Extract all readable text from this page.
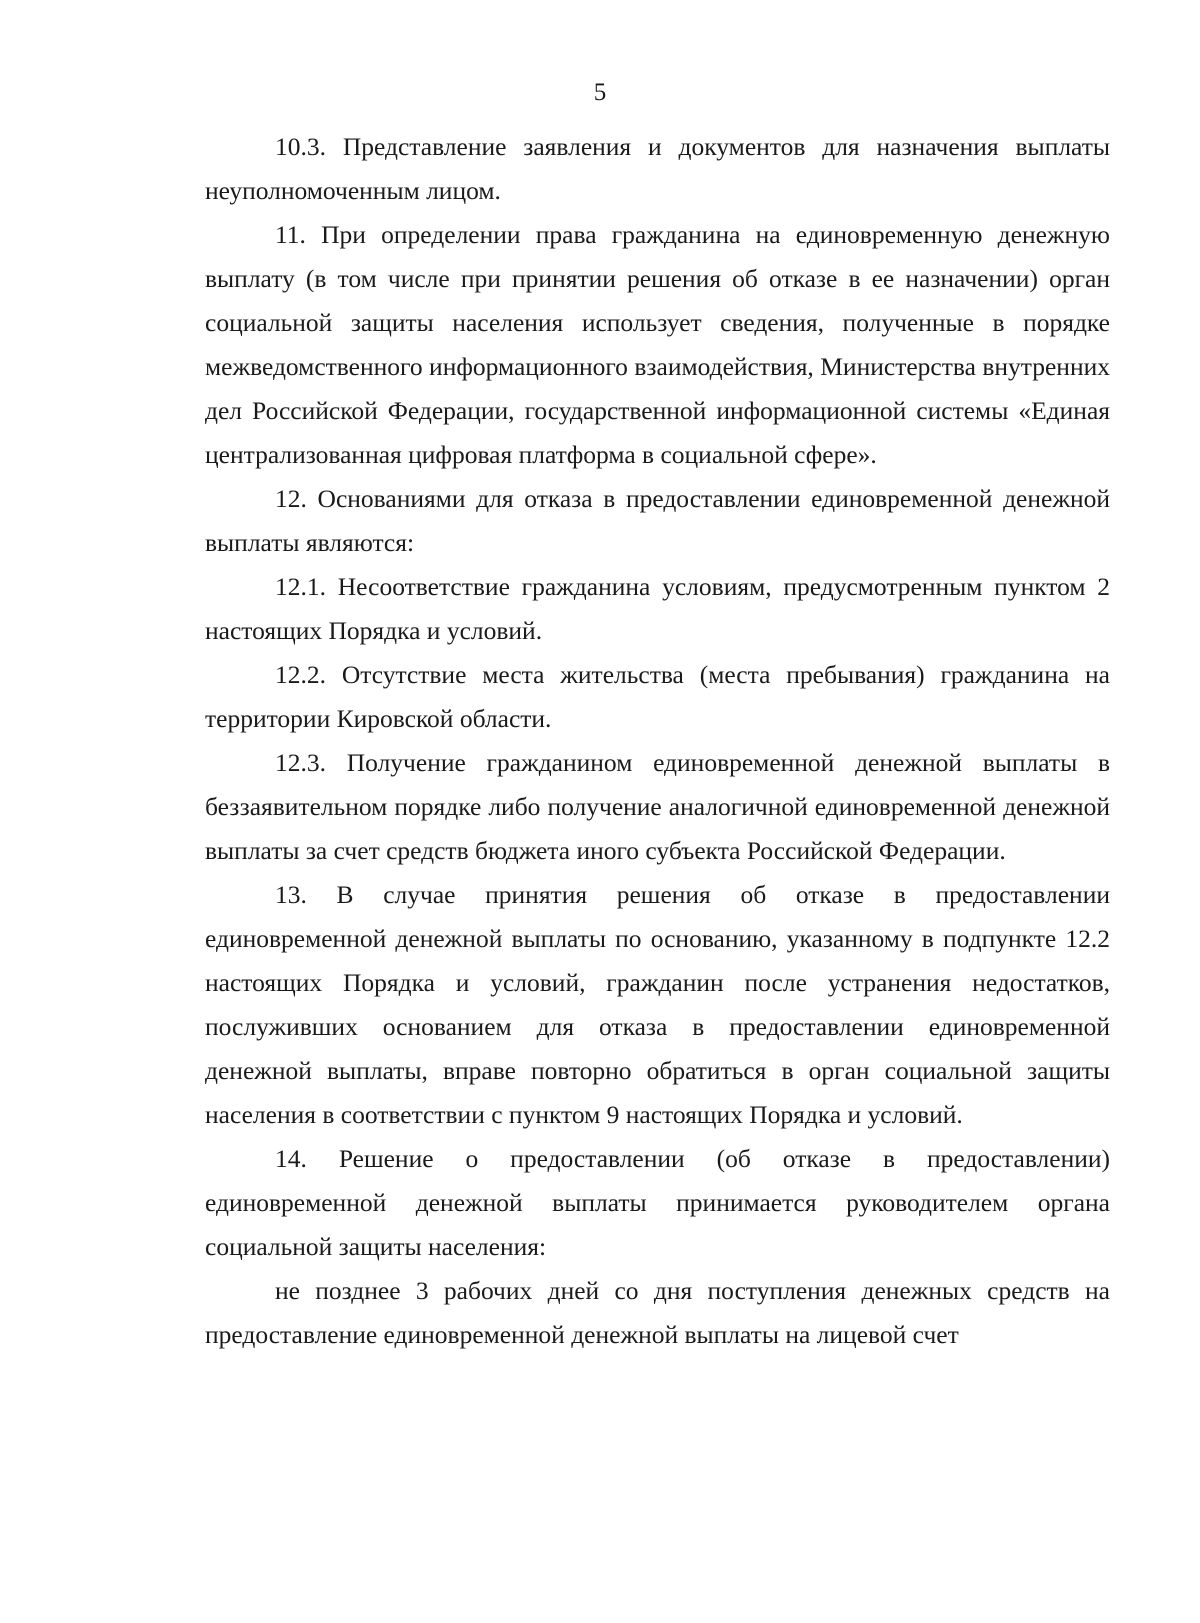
5

10.3. Представление заявления и документов для назначения выплаты неуполномоченным лицом.

11. При определении права гражданина на единовременную денежную выплату (в том числе при принятии решения об отказе в ее назначении) орган социальной защиты населения использует сведения, полученные в порядке межведомственного информационного взаимодействия, Министерства внутренних дел Российской Федерации, государственной информационной системы «Единая централизованная цифровая платформа в социальной сфере».

12. Основаниями для отказа в предоставлении единовременной денежной выплаты являются:

12.1. Несоответствие гражданина условиям, предусмотренным пунктом 2 настоящих Порядка и условий.

12.2. Отсутствие места жительства (места пребывания) гражданина на территории Кировской области.

12.3. Получение гражданином единовременной денежной выплаты в беззаявительном порядке либо получение аналогичной единовременной денежной выплаты за счет средств бюджета иного субъекта Российской Федерации.

13. В случае принятия решения об отказе в предоставлении единовременной денежной выплаты по основанию, указанному в подпункте 12.2 настоящих Порядка и условий, гражданин после устранения недостатков, послуживших основанием для отказа в предоставлении единовременной денежной выплаты, вправе повторно обратиться в орган социальной защиты населения в соответствии с пунктом 9 настоящих Порядка и условий.

14. Решение о предоставлении (об отказе в предоставлении) единовременной денежной выплаты принимается руководителем органа социальной защиты населения:

не позднее 3 рабочих дней со дня поступления денежных средств на предоставление единовременной денежной выплаты на лицевой счет
